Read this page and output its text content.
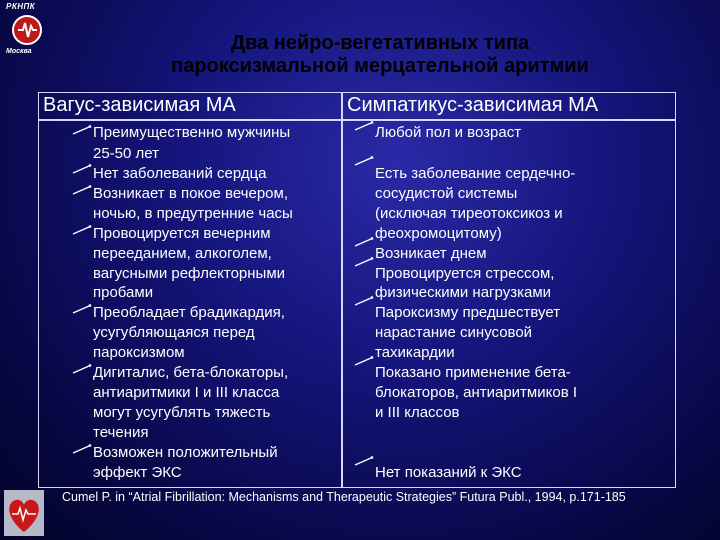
РКНПК
Москва	Два нейро-вегетативных типа
пароксизмальной мерцательной аритмии
Вагус-зависимая МА	Симпатикус-зависимая МА
Преимущественно мужчины
25-50 лет
Нет заболеваний сердца
Возникает в покое вечером,
ночью, в предутренние часы
Провоцируется вечерним
перееданием, алкоголем,
вагусными рефлекторными
пробами
Преобладает брадикардия,
усугубляющаяся перед
пароксизмом
Дигиталис, бета-блокаторы,
антиаритмики I и III класса
могут усугублять тяжесть
течения
Возможен положительный
эффект ЭКС
Любой пол и возраст
Есть заболевание сердечно-
сосудистой системы
(исключая тиреотоксикоз и
феохромоцитому)
Возникает днем
Провоцируется стрессом,
физическими нагрузками
Пароксизму предшествует
нарастание синусовой
тахикардии
Показано применение бета-
блокаторов, антиаритмиков I
и III классов
Нет показаний к ЭКС
Cumel P. in “Atrial Fibrillation: Mechanisms and Therapeutic Strategies” Futura Publ., 1994, p.171-185
